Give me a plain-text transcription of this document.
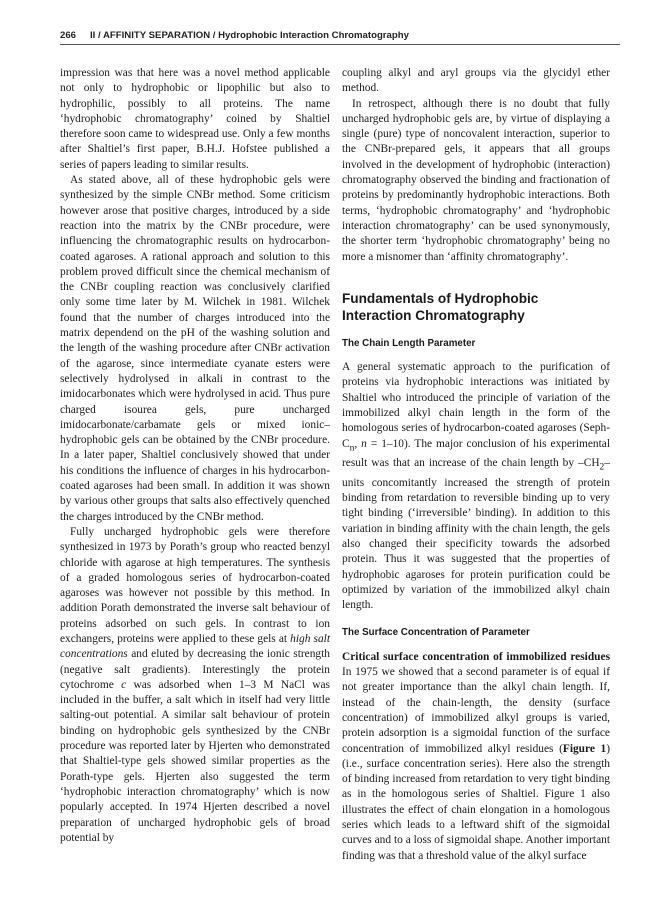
266 II / AFFINITY SEPARATION / Hydrophobic Interaction Chromatography

impression was that here was a novel method applicable not only to hydrophobic or lipophilic but also to hydrophilic, possibly to all proteins. The name ‘hydrophobic chromatography’ coined by Shaltiel therefore soon came to widespread use. Only a few months after Shaltiel’s first paper, B.H.J. Hofstee published a series of papers leading to similar results.

As stated above, all of these hydrophobic gels were synthesized by the simple CNBr method. Some criticism however arose that positive charges, introduced by a side reaction into the matrix by the CNBr procedure, were influencing the chromatographic results on hydrocarbon-coated agaroses. A rational approach and solution to this problem proved difficult since the chemical mechanism of the CNBr coupling reaction was conclusively clarified only some time later by M. Wilchek in 1981. Wilchek found that the number of charges introduced into the matrix dependend on the pH of the washing solution and the length of the washing procedure after CNBr activation of the agarose, since intermediate cyanate esters were selectively hydrolysed in alkali in contrast to the imidocarbonates which were hydrolysed in acid. Thus pure charged isourea gels, pure uncharged imidocarbonate/carbamate gels or mixed ionic–hydrophobic gels can be obtained by the CNBr procedure. In a later paper, Shaltiel conclusively showed that under his conditions the influence of charges in his hydrocarbon-coated agaroses had been small. In addition it was shown by various other groups that salts also effectively quenched the charges introduced by the CNBr method.

Fully uncharged hydrophobic gels were therefore synthesized in 1973 by Porath’s group who reacted benzyl chloride with agarose at high temperatures. The synthesis of a graded homologous series of hydrocarbon-coated agaroses was however not possible by this method. In addition Porath demonstrated the inverse salt behaviour of proteins adsorbed on such gels. In contrast to ion exchangers, proteins were applied to these gels at high salt concentrations and eluted by decreasing the ionic strength (negative salt gradients). Interestingly the protein cytochrome c was adsorbed when 1–3 M NaCl was included in the buffer, a salt which in itself had very little salting-out potential. A similar salt behaviour of protein binding on hydrophobic gels synthesized by the CNBr procedure was reported later by Hjerten who demonstrated that Shaltiel-type gels showed similar properties as the Porath-type gels. Hjerten also suggested the term ‘hydrophobic interaction chromatography’ which is now popularly accepted. In 1974 Hjerten described a novel preparation of uncharged hydrophobic gels of broad potential by

coupling alkyl and aryl groups via the glycidyl ether method.

In retrospect, although there is no doubt that fully uncharged hydrophobic gels are, by virtue of displaying a single (pure) type of noncovalent interaction, superior to the CNBr-prepared gels, it appears that all groups involved in the development of hydrophobic (interaction) chromatography observed the binding and fractionation of proteins by predominantly hydrophobic interactions. Both terms, ‘hydrophobic chromatography’ and ‘hydrophobic interaction chromatography’ can be used synonymously, the shorter term ‘hydrophobic chromatography’ being no more a misnomer than ‘affinity chromatography’.

Fundamentals of Hydrophobic Interaction Chromatography
The Chain Length Parameter

A general systematic approach to the purification of proteins via hydrophobic interactions was initiated by Shaltiel who introduced the principle of variation of the immobilized alkyl chain length in the form of the homologous series of hydrocarbon-coated agaroses ($Seph-C_n$, n = 1–10). The major conclusion of his experimental result was that an increase of the chain length by $-CH_2-$ units concomitantly increased the strength of protein binding from retardation to reversible binding up to very tight binding (‘irreversible’ binding). In addition to this variation in binding affinity with the chain length, the gels also changed their specificity towards the adsorbed protein. Thus it was suggested that the properties of hydrophobic agaroses for protein purification could be optimized by variation of the immobilized alkyl chain length.

The Surface Concentration of Parameter

Critical surface concentration of immobilized residues In 1975 we showed that a second parameter is of equal if not greater importance than the alkyl chain length. If, instead of the chain-length, the density (surface concentration) of immobilized alkyl groups is varied, protein adsorption is a sigmoidal function of the surface concentration of immobilized alkyl residues (Figure 1) (i.e., surface concentration series). Here also the strength of binding increased from retardation to very tight binding as in the homologous series of Shaltiel. Figure 1 also illustrates the effect of chain elongation in a homologous series which leads to a leftward shift of the sigmoidal curves and to a loss of sigmoidal shape. Another important finding was that a threshold value of the alkyl surface
